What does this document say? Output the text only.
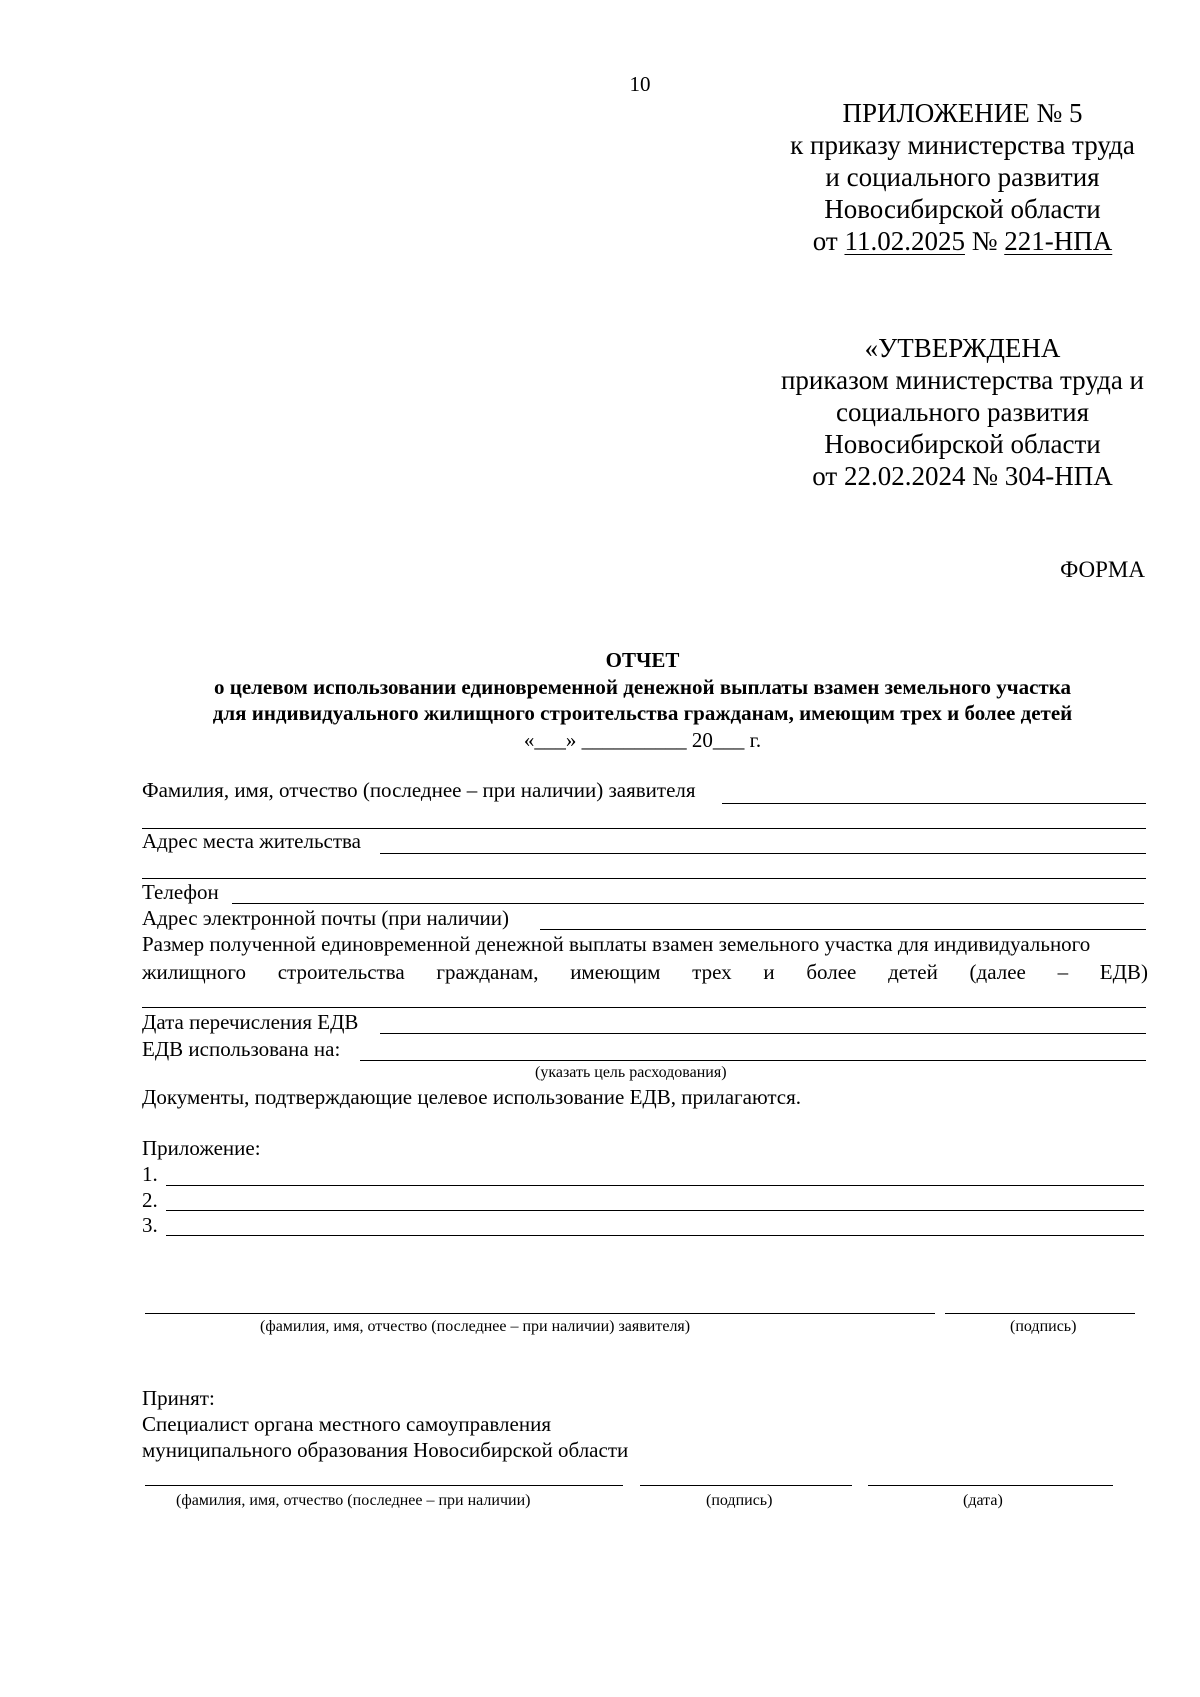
10
ПРИЛОЖЕНИЕ № 5
к приказу министерства труда
и социального развития
Новосибирской области
от 11.02.2025 № 221-НПА
«УТВЕРЖДЕНА
приказом министерства труда и
социального развития
Новосибирской области
от 22.02.2024 № 304-НПА
ФОРМА
ОТЧЕТ
о целевом использовании единовременной денежной выплаты взамен земельного участка
для индивидуального жилищного строительства гражданам, имеющим трех и более детей
«___» __________ 20___ г.
Фамилия, имя, отчество (последнее – при наличии) заявителя
Адрес места жительства
Телефон
Адрес электронной почты (при наличии)
Размер полученной единовременной денежной выплаты взамен земельного участка для индивидуального
жилищного строительства гражданам, имеющим трех и более детей (далее – ЕДВ)
Дата перечисления ЕДВ
ЕДВ использована на:
(указать цель расходования)
Документы, подтверждающие целевое использование ЕДВ, прилагаются.
Приложение:
1.
2.
3.
(фамилия, имя, отчество (последнее – при наличии) заявителя)	(подпись)
Принят:
Специалист органа местного самоуправления
муниципального образования Новосибирской области
(фамилия, имя, отчество (последнее – при наличии)	(подпись)	(дата)
